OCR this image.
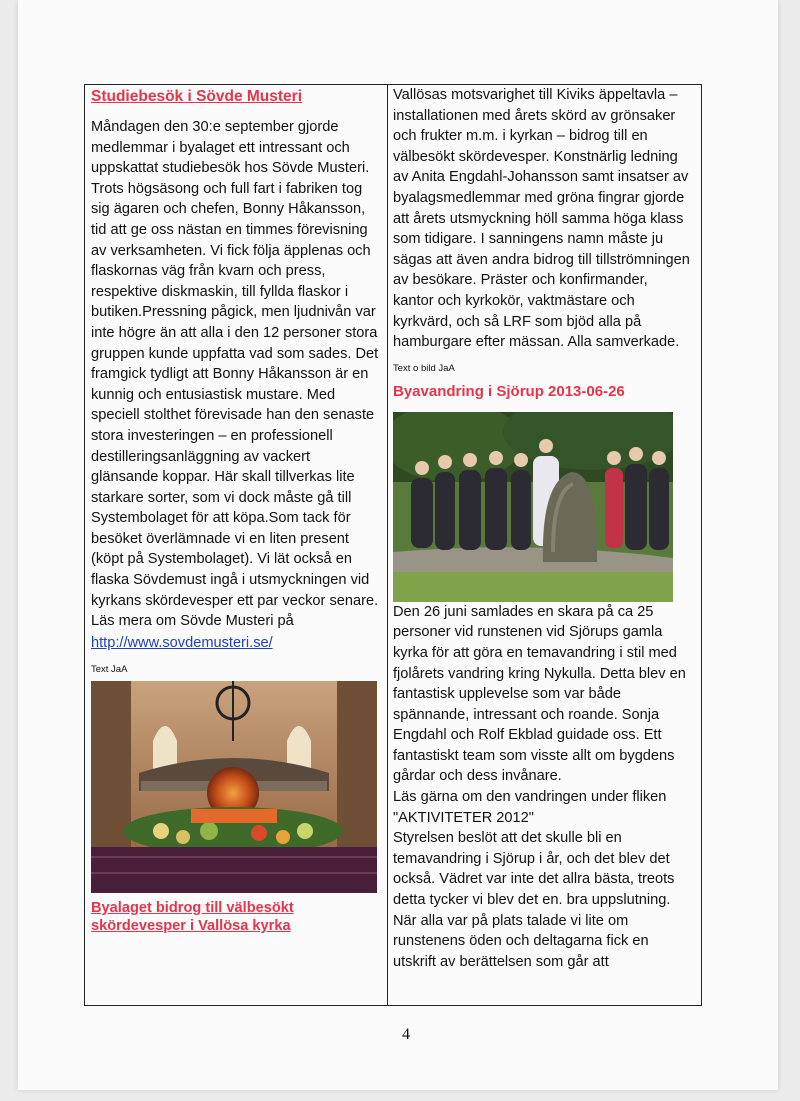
Studiebesök i Sövde Musteri

Måndagen den 30:e september gjorde medlemmar i byalaget ett intressant och uppskattat studiebesök hos Sövde Musteri. Trots högsäsong och full fart i fabriken tog sig ägaren och chefen, Bonny Håkansson, tid att ge oss nästan en timmes förevisning av verksamheten. Vi fick följa äpplenas och flaskornas väg från kvarn och press, respektive diskmaskin, till fyllda flaskor i butiken.Pressning pågick, men ljudnivån var inte högre än att alla i den 12 personer stora gruppen kunde uppfatta vad som sades. Det framgick tydligt att Bonny Håkansson är en kunnig och entusiastisk mustare. Med speciell stolthet förevisade han den senaste stora investeringen – en professionell destilleringsanläggning av vackert glänsande koppar. Här skall tillverkas lite starkare sorter, som vi dock måste gå till Systembolaget för att köpa.Som tack för besöket överlämnade vi en liten present (köpt på Systembolaget). Vi lät också en flaska Sövdemust ingå i utsmyckningen vid kyrkans skördevesper ett par veckor senare. Läs mera om Sövde Musteri på

http://www.sovdemusteri.se/
Text JaA
Byalaget bidrog till välbesökt
skördevesper i Vallösa kyrka

Vallösas motsvarighet till Kiviks äppeltavla – installationen med årets skörd av grönsaker och frukter m.m. i kyrkan – bidrog till en välbesökt skördevesper. Konstnärlig ledning av Anita Engdahl-Johansson samt insatser av byalagsmedlemmar med gröna fingrar gjorde att årets utsmyckning höll samma höga klass som tidigare. I sanningens namn måste ju sägas att även andra bidrog till tillströmningen av besökare. Präster och konfirmander, kantor och kyrkokör, vaktmästare och kyrkvärd, och så LRF som bjöd alla på hamburgare efter mässan. Alla samverkade.

Text o bild JaA
Byavandring i Sjörup 2013-06-26

Den 26 juni samlades en skara på ca 25 personer vid runstenen vid Sjörups gamla kyrka för att göra en temavandring i stil med fjolårets vandring kring Nykulla. Detta blev en fantastisk upplevelse som var både spännande, intressant och roande. Sonja Engdahl och Rolf Ekblad guidade oss. Ett fantastiskt team som visste allt om bygdens gårdar och dess invånare.
Läs gärna om den vandringen under fliken "AKTIVITETER 2012"
Styrelsen beslöt att det skulle bli en temavandring i Sjörup i år, och det blev det också. Vädret var inte det allra bästa, treots detta tycker vi blev det en. bra uppslutning. När alla var på plats talade vi lite om runstenens öden och deltagarna fick en utskrift av berättelsen som går att

4
